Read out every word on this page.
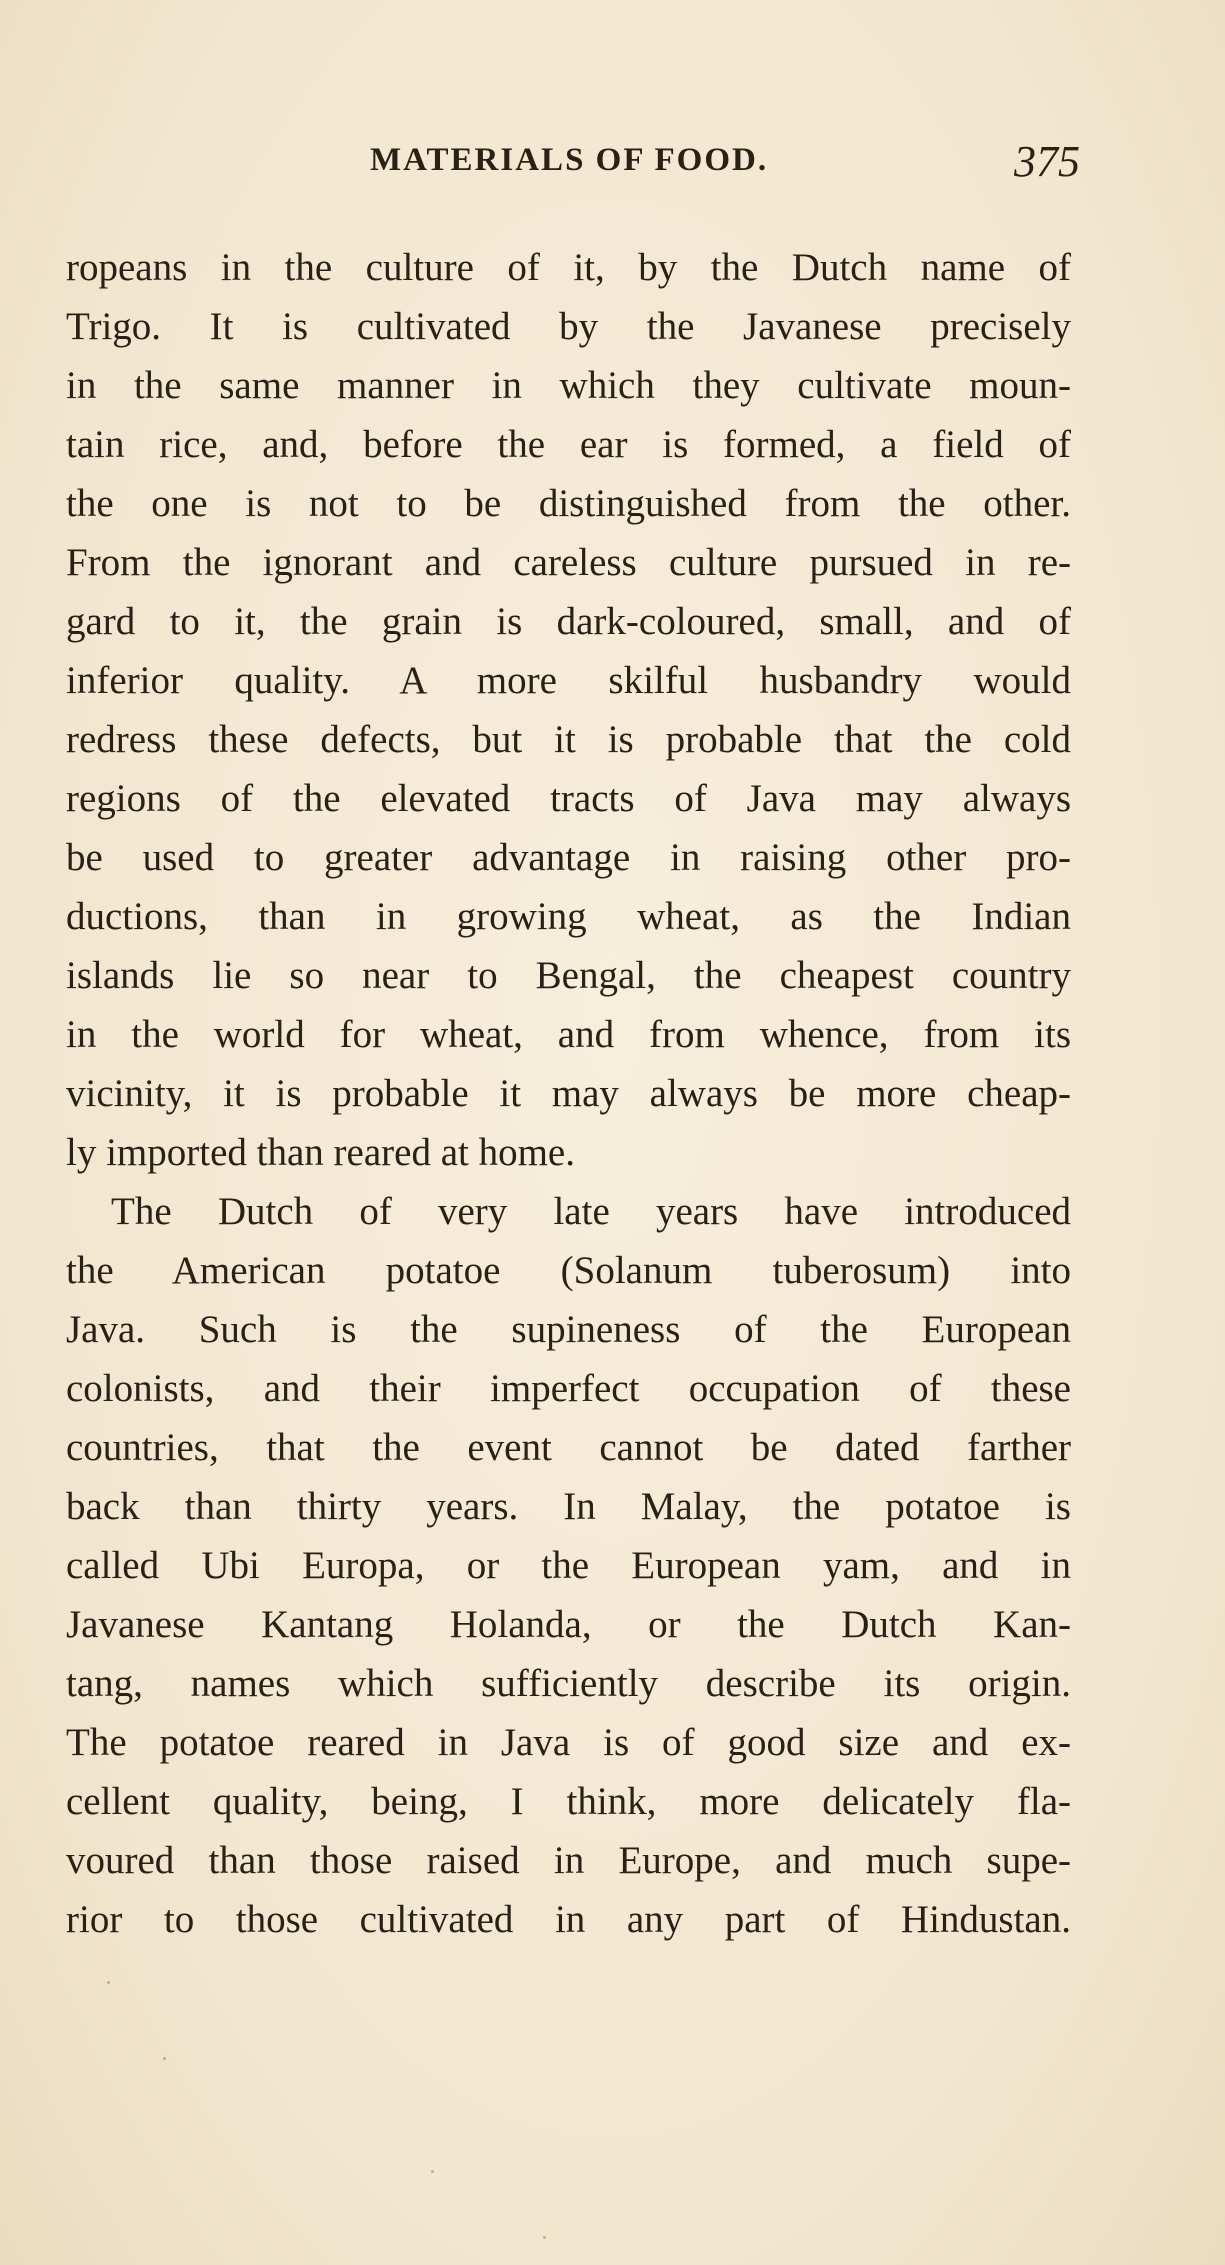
MATERIALS OF FOOD.	375
ropeans in the culture of it, by the Dutch name of
Trigo. It is cultivated by the Javanese precisely
in the same manner in which they cultivate moun-
tain rice, and, before the ear is formed, a field of
the one is not to be distinguished from the other.
From the ignorant and careless culture pursued in re-
gard to it, the grain is dark-coloured, small, and of
inferior quality. A more skilful husbandry would
redress these defects, but it is probable that the cold
regions of the elevated tracts of Java may always
be used to greater advantage in raising other pro-
ductions, than in growing wheat, as the Indian
islands lie so near to Bengal, the cheapest country
in the world for wheat, and from whence, from its
vicinity, it is probable it may always be more cheap-
ly imported than reared at home.
The Dutch of very late years have introduced
the American potatoe (Solanum tuberosum) into
Java. Such is the supineness of the European
colonists, and their imperfect occupation of these
countries, that the event cannot be dated farther
back than thirty years. In Malay, the potatoe is
called Ubi Europa, or the European yam, and in
Javanese Kantang Holanda, or the Dutch Kan-
tang, names which sufficiently describe its origin.
The potatoe reared in Java is of good size and ex-
cellent quality, being, I think, more delicately fla-
voured than those raised in Europe, and much supe-
rior to those cultivated in any part of Hindustan.
